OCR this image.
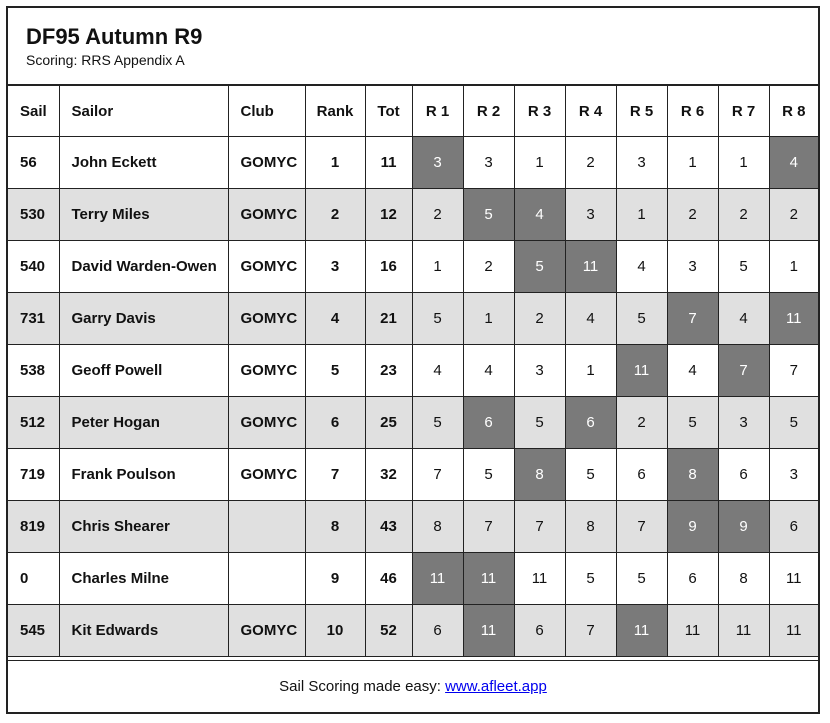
DF95 Autumn R9
Scoring: RRS Appendix A
Sail	Sailor	Club	Rank	Tot	R 1	R 2	R 3	R 4	R 5	R 6	R 7	R 8
56	John Eckett	GOMYC	1	11	3	3	1	2	3	1	1	4
530	Terry Miles	GOMYC	2	12	2	5	4	3	1	2	2	2
540	David Warden-Owen	GOMYC	3	16	1	2	5	11	4	3	5	1
731	Garry Davis	GOMYC	4	21	5	1	2	4	5	7	4	11
538	Geoff Powell	GOMYC	5	23	4	4	3	1	11	4	7	7
512	Peter Hogan	GOMYC	6	25	5	6	5	6	2	5	3	5
719	Frank Poulson	GOMYC	7	32	7	5	8	5	6	8	6	3
819	Chris Shearer		8	43	8	7	7	8	7	9	9	6
0	Charles Milne		9	46	11	11	11	5	5	6	8	11
545	Kit Edwards	GOMYC	10	52	6	11	6	7	11	11	11	11
Sail Scoring made easy: www.afleet.app
